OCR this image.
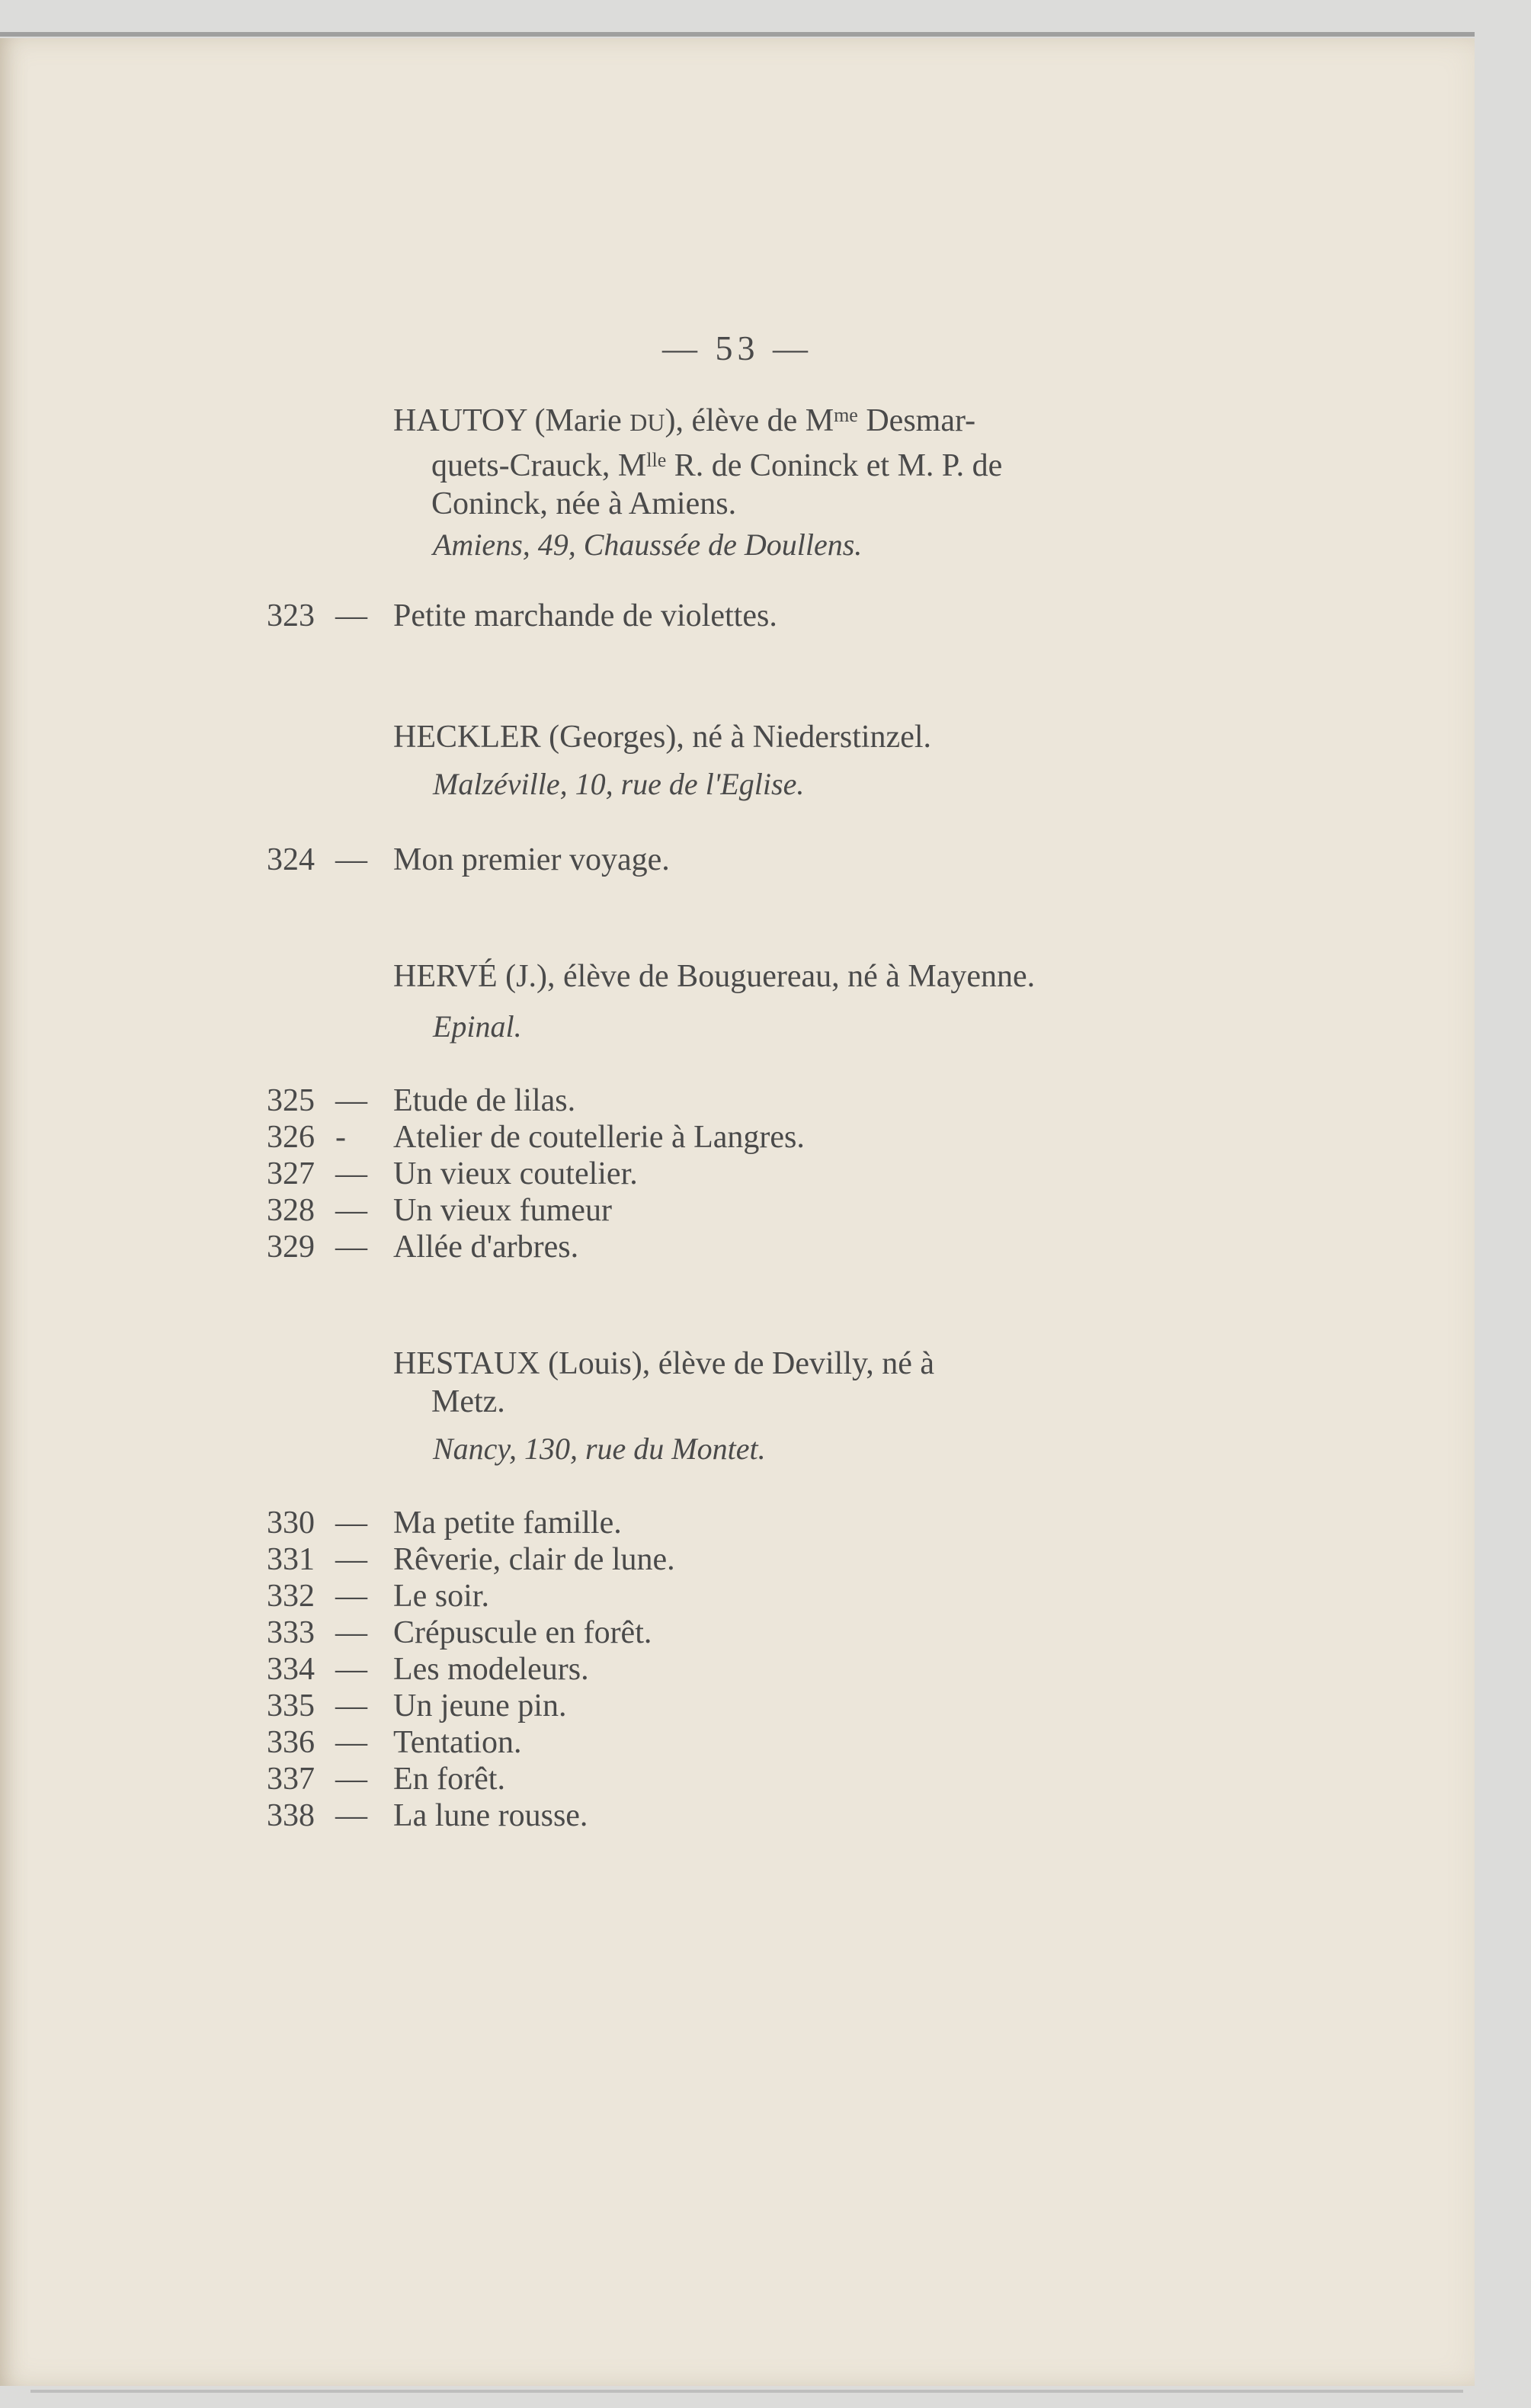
— 53 —
HAUTOY (Marie DU), élève de $M^{me}$ Desmar-
quets-Crauck, $M^{lle}$ R. de Coninck et M. P. de
Coninck, née à Amiens.
Amiens, 49, Chaussée de Doullens.
323 — Petite marchande de violettes.
HECKLER (Georges), né à Niederstinzel.
Malzéville, 10, rue de l'Eglise.
324 — Mon premier voyage.
HERVÉ (J.), élève de Bouguereau, né à Mayenne.
Epinal.
325 — Etude de lilas.
326 - Atelier de coutellerie à Langres.
327 — Un vieux coutelier.
328 — Un vieux fumeur
329 — Allée d'arbres.
HESTAUX (Louis), élève de Devilly, né à
Metz.
Nancy, 130, rue du Montet.
330 — Ma petite famille.
331 — Rêverie, clair de lune.
332 — Le soir.
333 — Crépuscule en forêt.
334 — Les modeleurs.
335 — Un jeune pin.
336 — Tentation.
337 — En forêt.
338 — La lune rousse.
